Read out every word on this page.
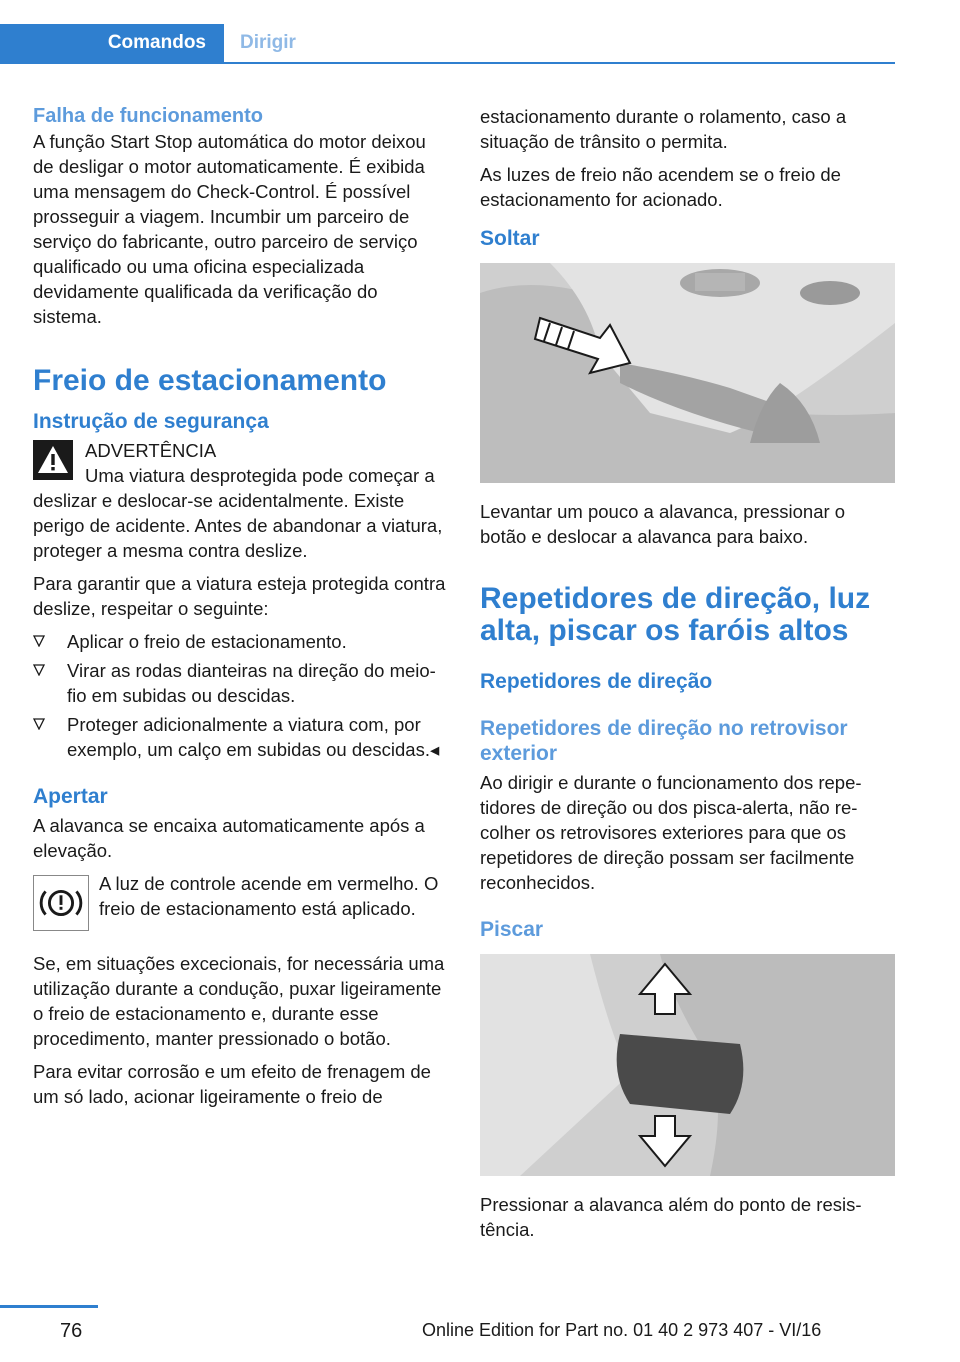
Comandos	Dirigir
Falha de funcionamento

A função Start Stop automática do motor deixou de desligar o motor automaticamente. É exibida uma mensagem do Check-Control. É possível prosseguir a viagem. Incumbir um parceiro de serviço do fabricante, outro parceiro de serviço qualificado ou uma oficina especializada devidamente qualificada da verificação do sistema.

Freio de estacionamento
Instrução de segurança
ADVERTÊNCIA

Uma viatura desprotegida pode começar a deslizar e deslocar-se acidentalmente. Existe perigo de acidente. Antes de abandonar a viatura, proteger a mesma contra deslize.

Para garantir que a viatura esteja protegida contra deslize, respeitar o seguinte:

Aplicar o freio de estacionamento.
Virar as rodas dianteiras na direção do meio-fio em subidas ou descidas.
Proteger adicionalmente a viatura com, por exemplo, um calço em subidas ou descidas.◂
Apertar

A alavanca se encaixa automaticamente após a elevação.

A luz de controle acende em vermelho. O freio de estacionamento está aplicado.

Se, em situações excecionais, for necessária uma utilização durante a condução, puxar ligeiramente o freio de estacionamento e, durante esse procedimento, manter pressionado o botão.

Para evitar corrosão e um efeito de frenagem de um só lado, acionar ligeiramente o freio de

estacionamento durante o rolamento, caso a situação de trânsito o permita.

As luzes de freio não acendem se o freio de estacionamento for acionado.

Soltar

Levantar um pouco a alavanca, pressionar o botão e deslocar a alavanca para baixo.

Repetidores de direção, luz alta, piscar os faróis altos
Repetidores de direção
Repetidores de direção no retrovisor exterior

Ao dirigir e durante o funcionamento dos repetidores de direção ou dos pisca-alerta, não recolher os retrovisores exteriores para que os repetidores de direção possam ser facilmente reconhecidos.

Piscar

Pressionar a alavanca além do ponto de resistência.

76	Online Edition for Part no. 01 40 2 973 407 - VI/16
